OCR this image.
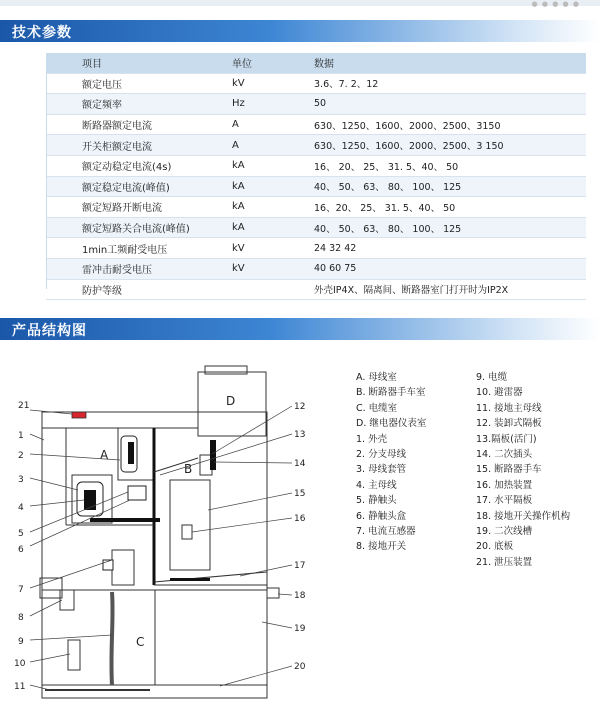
● ● ● ● ●
技术参数
项目	单位	数据
额定电压	kV	3.6、7. 2、12
额定频率	Hz	50
断路器额定电流	A	630、1250、1600、2000、2500、3150
开关柜额定电流	A	630、1250、1600、2000、2500、3 150
额定动稳定电流(4s)	kA	16、 20、 25、 31. 5、40、 50
额定稳定电流(峰值)	kA	40、 50、 63、 80、 100、 125
额定短路开断电流	kA	16、20、 25、 31. 5、40、 50
额定短路关合电流(峰值)	kA	40、 50、 63、 80、 100、 125
1min工频耐受电压	kV	24 32 42
雷冲击耐受电压	kV	40 60 75
防护等级		外壳IP4X、隔离间、断路器室门打开时为IP2X
产品结构图
A
B
C
D
21
1
2
3
4
5
6
7
8
9
10
11
12
13
14
15
16
17
18
19
20
A. 母线室
B. 断路器手车室
C. 电缆室
D. 继电器仪表室
1. 外壳
2. 分支母线
3. 母线套管
4. 主母线
5. 静触头
6. 静触头盒
7. 电流互感器
8. 接地开关
9. 电缆
10. 避雷器
11. 接地主母线
12. 装卸式隔板
13.隔板(活门)
14. 二次插头
15. 断路器手车
16. 加热装置
17. 水平隔板
18. 接地开关操作机构
19. 二次线槽
20. 底板
21. 泄压装置
